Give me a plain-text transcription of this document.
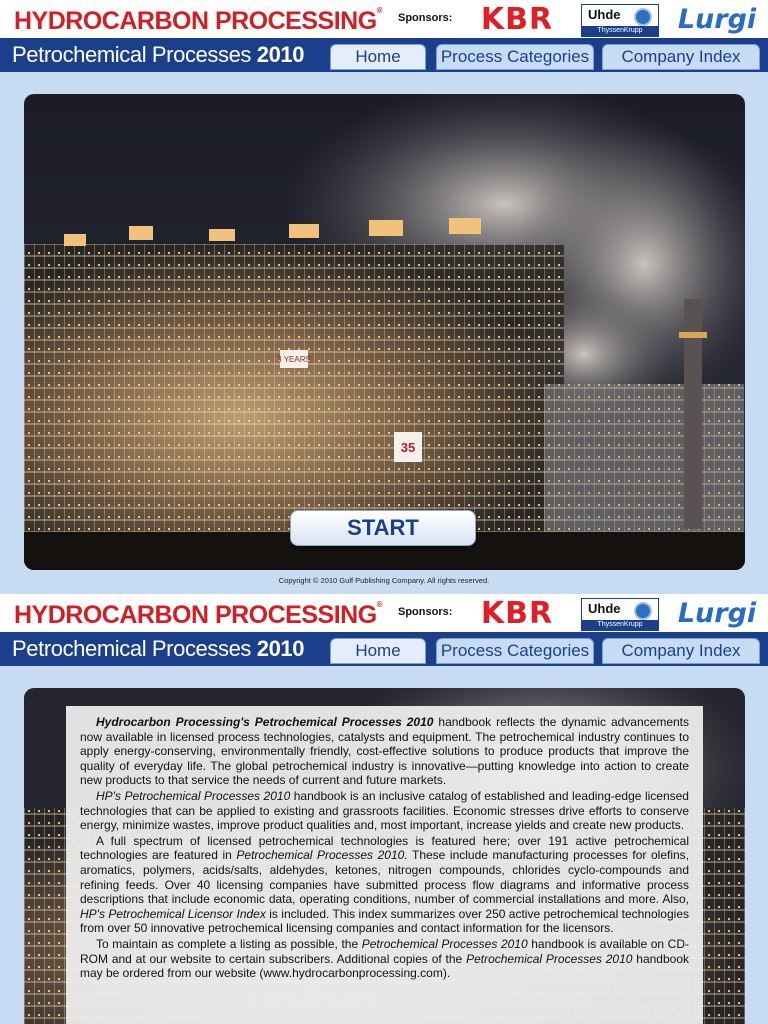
HYDROCARBON PROCESSING®
Sponsors: KBR	Uhde
ThyssenKrupp	Lurgi
Petrochemical Processes 2010	Home	Process Categories	Company Index
3 YEARS
35
START
Copyright © 2010 Gulf Publishing Company. All rights reserved.
HYDROCARBON PROCESSING®
Sponsors: KBR	Uhde
ThyssenKrupp	Lurgi
Petrochemical Processes 2010	Home	Process Categories	Company Index

Hydrocarbon Processing's Petrochemical Processes 2010 handbook reflects the dynamic advancements now available in licensed process technologies, catalysts and equipment. The petrochemical industry continues to apply energy-conserving, environmentally friendly, cost-effective solutions to produce products that improve the quality of everyday life. The global petrochemical industry is innovative—putting knowledge into action to create new products to that service the needs of current and future markets.

HP's Petrochemical Processes 2010 handbook is an inclusive catalog of established and leading-edge licensed technologies that can be applied to existing and grassroots facilities. Economic stresses drive efforts to conserve energy, minimize wastes, improve product qualities and, most important, increase yields and create new products.

A full spectrum of licensed petrochemical technologies is featured here; over 191 active petrochemical technologies are featured in Petrochemical Processes 2010. These include manufacturing processes for olefins, aromatics, polymers, acids/salts, aldehydes, ketones, nitrogen compounds, chlorides cyclo-compounds and refining feeds. Over 40 licensing companies have submitted process flow diagrams and informative process descriptions that include economic data, operating conditions, number of commercial installations and more. Also, HP's Petrochemical Licensor Index is included. This index summarizes over 250 active petrochemical technologies from over 50 innovative petrochemical licensing companies and contact information for the licensors.

To maintain as complete a listing as possible, the Petrochemical Processes 2010 handbook is available on CD-ROM and at our website to certain subscribers. Additional copies of the Petrochemical Processes 2010 handbook may be ordered from our website (www.hydrocarbonprocessing.com).
